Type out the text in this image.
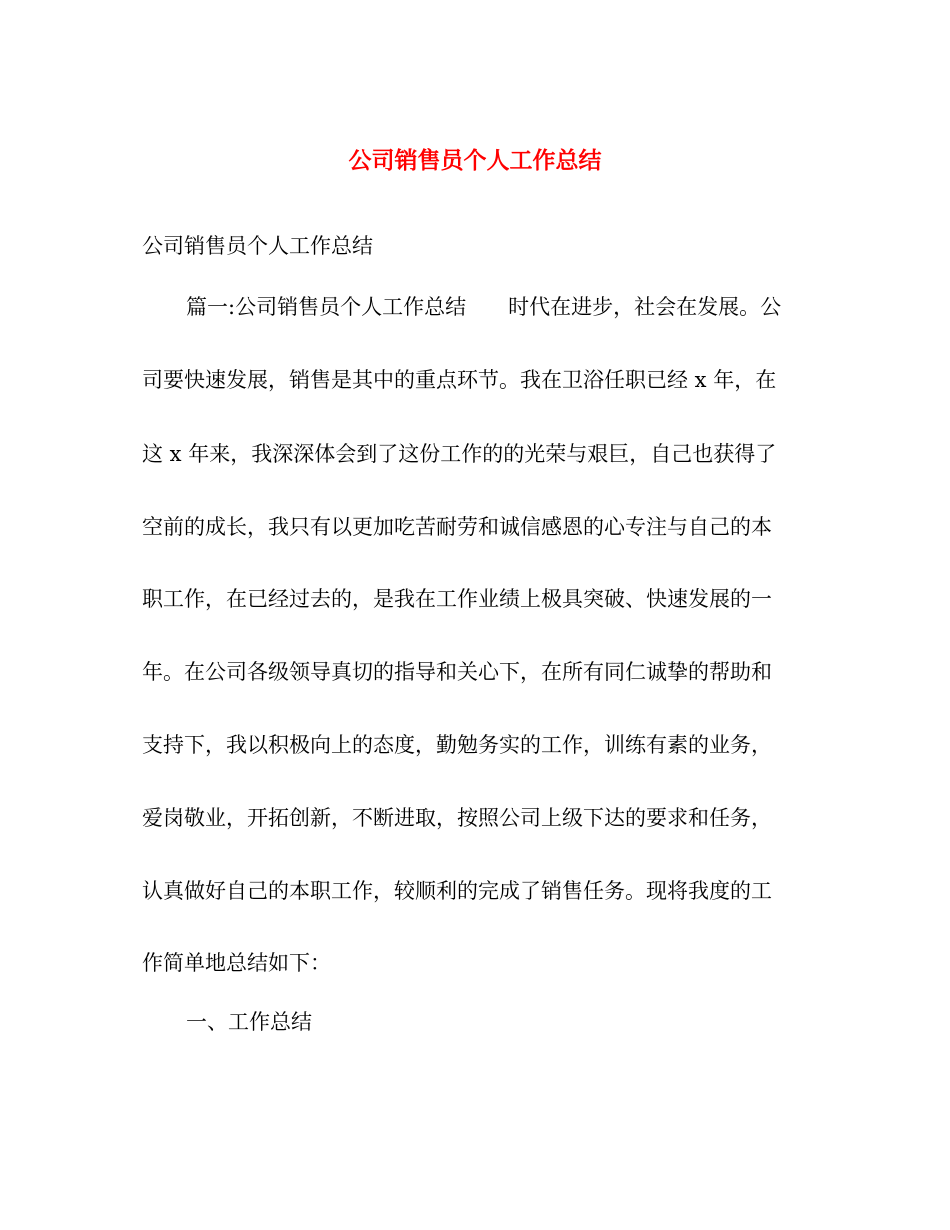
公司销售员个人工作总结

公司销售员个人工作总结

篇一:公司销售员个人工作总结　　时代在进步，社会在发展。公

司要快速发展，销售是其中的重点环节。我在卫浴任职已经 x 年，在

这 x 年来，我深深体会到了这份工作的的光荣与艰巨，自己也获得了

空前的成长，我只有以更加吃苦耐劳和诚信感恩的心专注与自己的本

职工作，在已经过去的，是我在工作业绩上极具突破、快速发展的一

年。在公司各级领导真切的指导和关心下，在所有同仁诚挚的帮助和

支持下，我以积极向上的态度，勤勉务实的工作，训练有素的业务，

爱岗敬业，开拓创新，不断进取，按照公司上级下达的要求和任务，

认真做好自己的本职工作，较顺利的完成了销售任务。现将我度的工

作简单地总结如下：

一、工作总结
